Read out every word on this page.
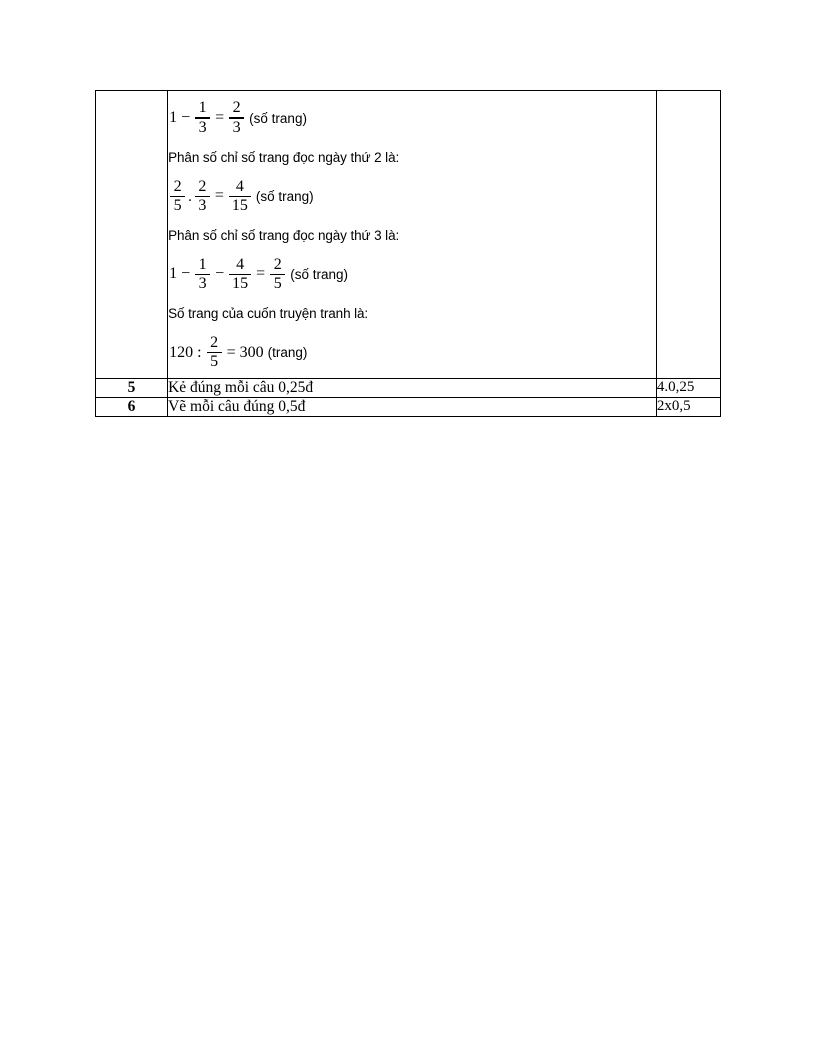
$1 - \frac{1}{3} = \frac{2}{3}$ (số trang)
Phân số chỉ số trang đọc ngày thứ 2 là:
$\frac{2}{5}$ . $\frac{2}{3} = \frac{4}{15}$ (số trang)
Phân số chỉ số trang đọc ngày thứ 3 là:
$1 - \frac{1}{3} - \frac{4}{15} = \frac{2}{5}$ (số trang)
Số trang của cuốn truyện tranh là:
120 : $\frac{2}{5} = 300$ (trang)

5	Kẻ đúng mỗi câu 0,25đ	4.0,25
6	Vẽ mỗi câu đúng 0,5đ	2x0,5
